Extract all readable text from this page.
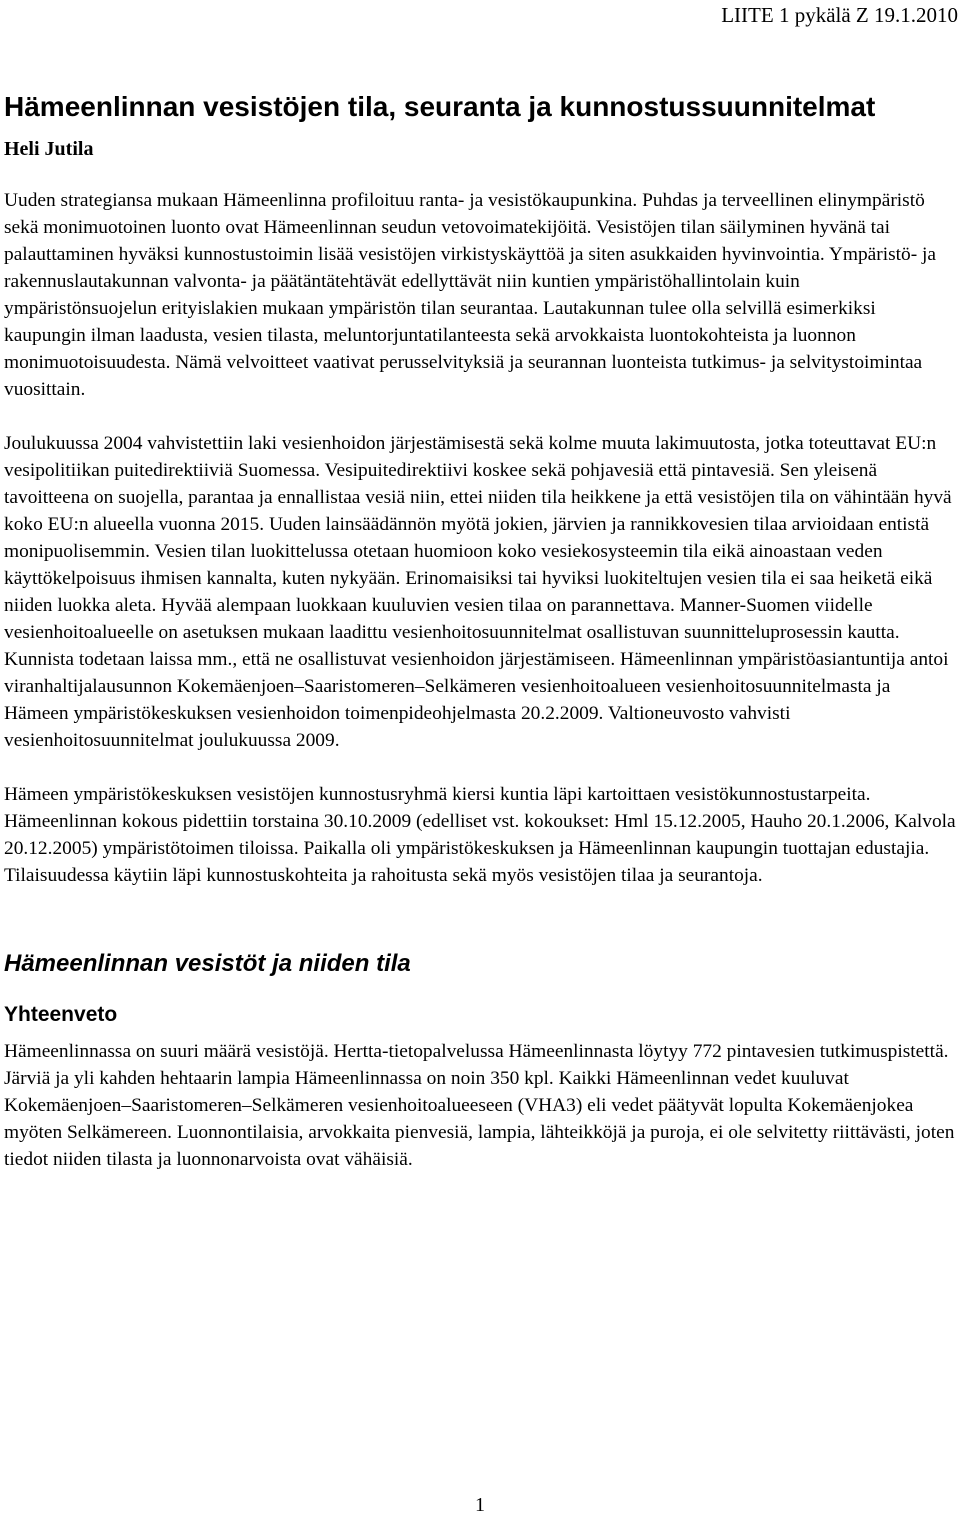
LIITE 1 pykälä Z 19.1.2010
Hämeenlinnan vesistöjen tila, seuranta ja kunnostussuunnitelmat
Heli Jutila

Uuden strategiansa mukaan Hämeenlinna profiloituu ranta- ja vesistökaupunkina. Puhdas ja terveellinen elinympäristö sekä monimuotoinen luonto ovat Hämeenlinnan seudun vetovoimatekijöitä. Vesistöjen tilan säilyminen hyvänä tai palauttaminen hyväksi kunnostustoimin lisää vesistöjen virkistyskäyttöä ja siten asukkaiden hyvinvointia. Ympäristö- ja rakennuslautakunnan valvonta- ja päätäntätehtävät edellyttävät niin kuntien ympäristöhallintolain kuin ympäristönsuojelun erityislakien mukaan ympäristön tilan seurantaa. Lautakunnan tulee olla selvillä esimerkiksi kaupungin ilman laadusta, vesien tilasta, meluntorjuntatilanteesta sekä arvokkaista luontokohteista ja luonnon monimuotoisuudesta. Nämä velvoitteet vaativat perusselvityksiä ja seurannan luonteista tutkimus- ja selvitystoimintaa vuosittain.

Joulukuussa 2004 vahvistettiin laki vesienhoidon järjestämisestä sekä kolme muuta lakimuutosta, jotka toteuttavat EU:n vesipolitiikan puitedirektiiviä Suomessa. Vesipuitedirektiivi koskee sekä pohjavesiä että pintavesiä. Sen yleisenä tavoitteena on suojella, parantaa ja ennallistaa vesiä niin, ettei niiden tila heikkene ja että vesistöjen tila on vähintään hyvä koko EU:n alueella vuonna 2015. Uuden lainsäädännön myötä jokien, järvien ja rannikkovesien tilaa arvioidaan entistä monipuolisemmin. Vesien tilan luokittelussa otetaan huomioon koko vesiekosysteemin tila eikä ainoastaan veden käyttökelpoisuus ihmisen kannalta, kuten nykyään. Erinomaisiksi tai hyviksi luokiteltujen vesien tila ei saa heiketä eikä niiden luokka aleta. Hyvää alempaan luokkaan kuuluvien vesien tilaa on parannettava. Manner-Suomen viidelle vesienhoitoalueelle on asetuksen mukaan laadittu vesienhoitosuunnitelmat osallistuvan suunnitteluprosessin kautta. Kunnista todetaan laissa mm., että ne osallistuvat vesienhoidon järjestämiseen. Hämeenlinnan ympäristöasiantuntija antoi viranhaltijalausunnon Kokemäenjoen–Saaristomeren–Selkämeren vesienhoitoalueen vesienhoitosuunnitelmasta ja Hämeen ympäristökeskuksen vesienhoidon toimenpideohjelmasta 20.2.2009. Valtioneuvosto vahvisti vesienhoitosuunnitelmat joulukuussa 2009.

Hämeen ympäristökeskuksen vesistöjen kunnostusryhmä kiersi kuntia läpi kartoittaen vesistökunnostustarpeita. Hämeenlinnan kokous pidettiin torstaina 30.10.2009 (edelliset vst. kokoukset: Hml 15.12.2005, Hauho 20.1.2006, Kalvola 20.12.2005) ympäristötoimen tiloissa. Paikalla oli ympäristökeskuksen ja Hämeenlinnan kaupungin tuottajan edustajia. Tilaisuudessa käytiin läpi kunnostuskohteita ja rahoitusta sekä myös vesistöjen tilaa ja seurantoja.

Hämeenlinnan vesistöt ja niiden tila
Yhteenveto

Hämeenlinnassa on suuri määrä vesistöjä. Hertta-tietopalvelussa Hämeenlinnasta löytyy 772 pintavesien tutkimuspistettä. Järviä ja yli kahden hehtaarin lampia Hämeenlinnassa on noin 350 kpl. Kaikki Hämeenlinnan vedet kuuluvat Kokemäenjoen–Saaristomeren–Selkämeren vesienhoitoalueeseen (VHA3) eli vedet päätyvät lopulta Kokemäenjokea myöten Selkämereen. Luonnontilaisia, arvokkaita pienvesiä, lampia, lähteikköjä ja puroja, ei ole selvitetty riittävästi, joten tiedot niiden tilasta ja luonnonarvoista ovat vähäisiä.

1
